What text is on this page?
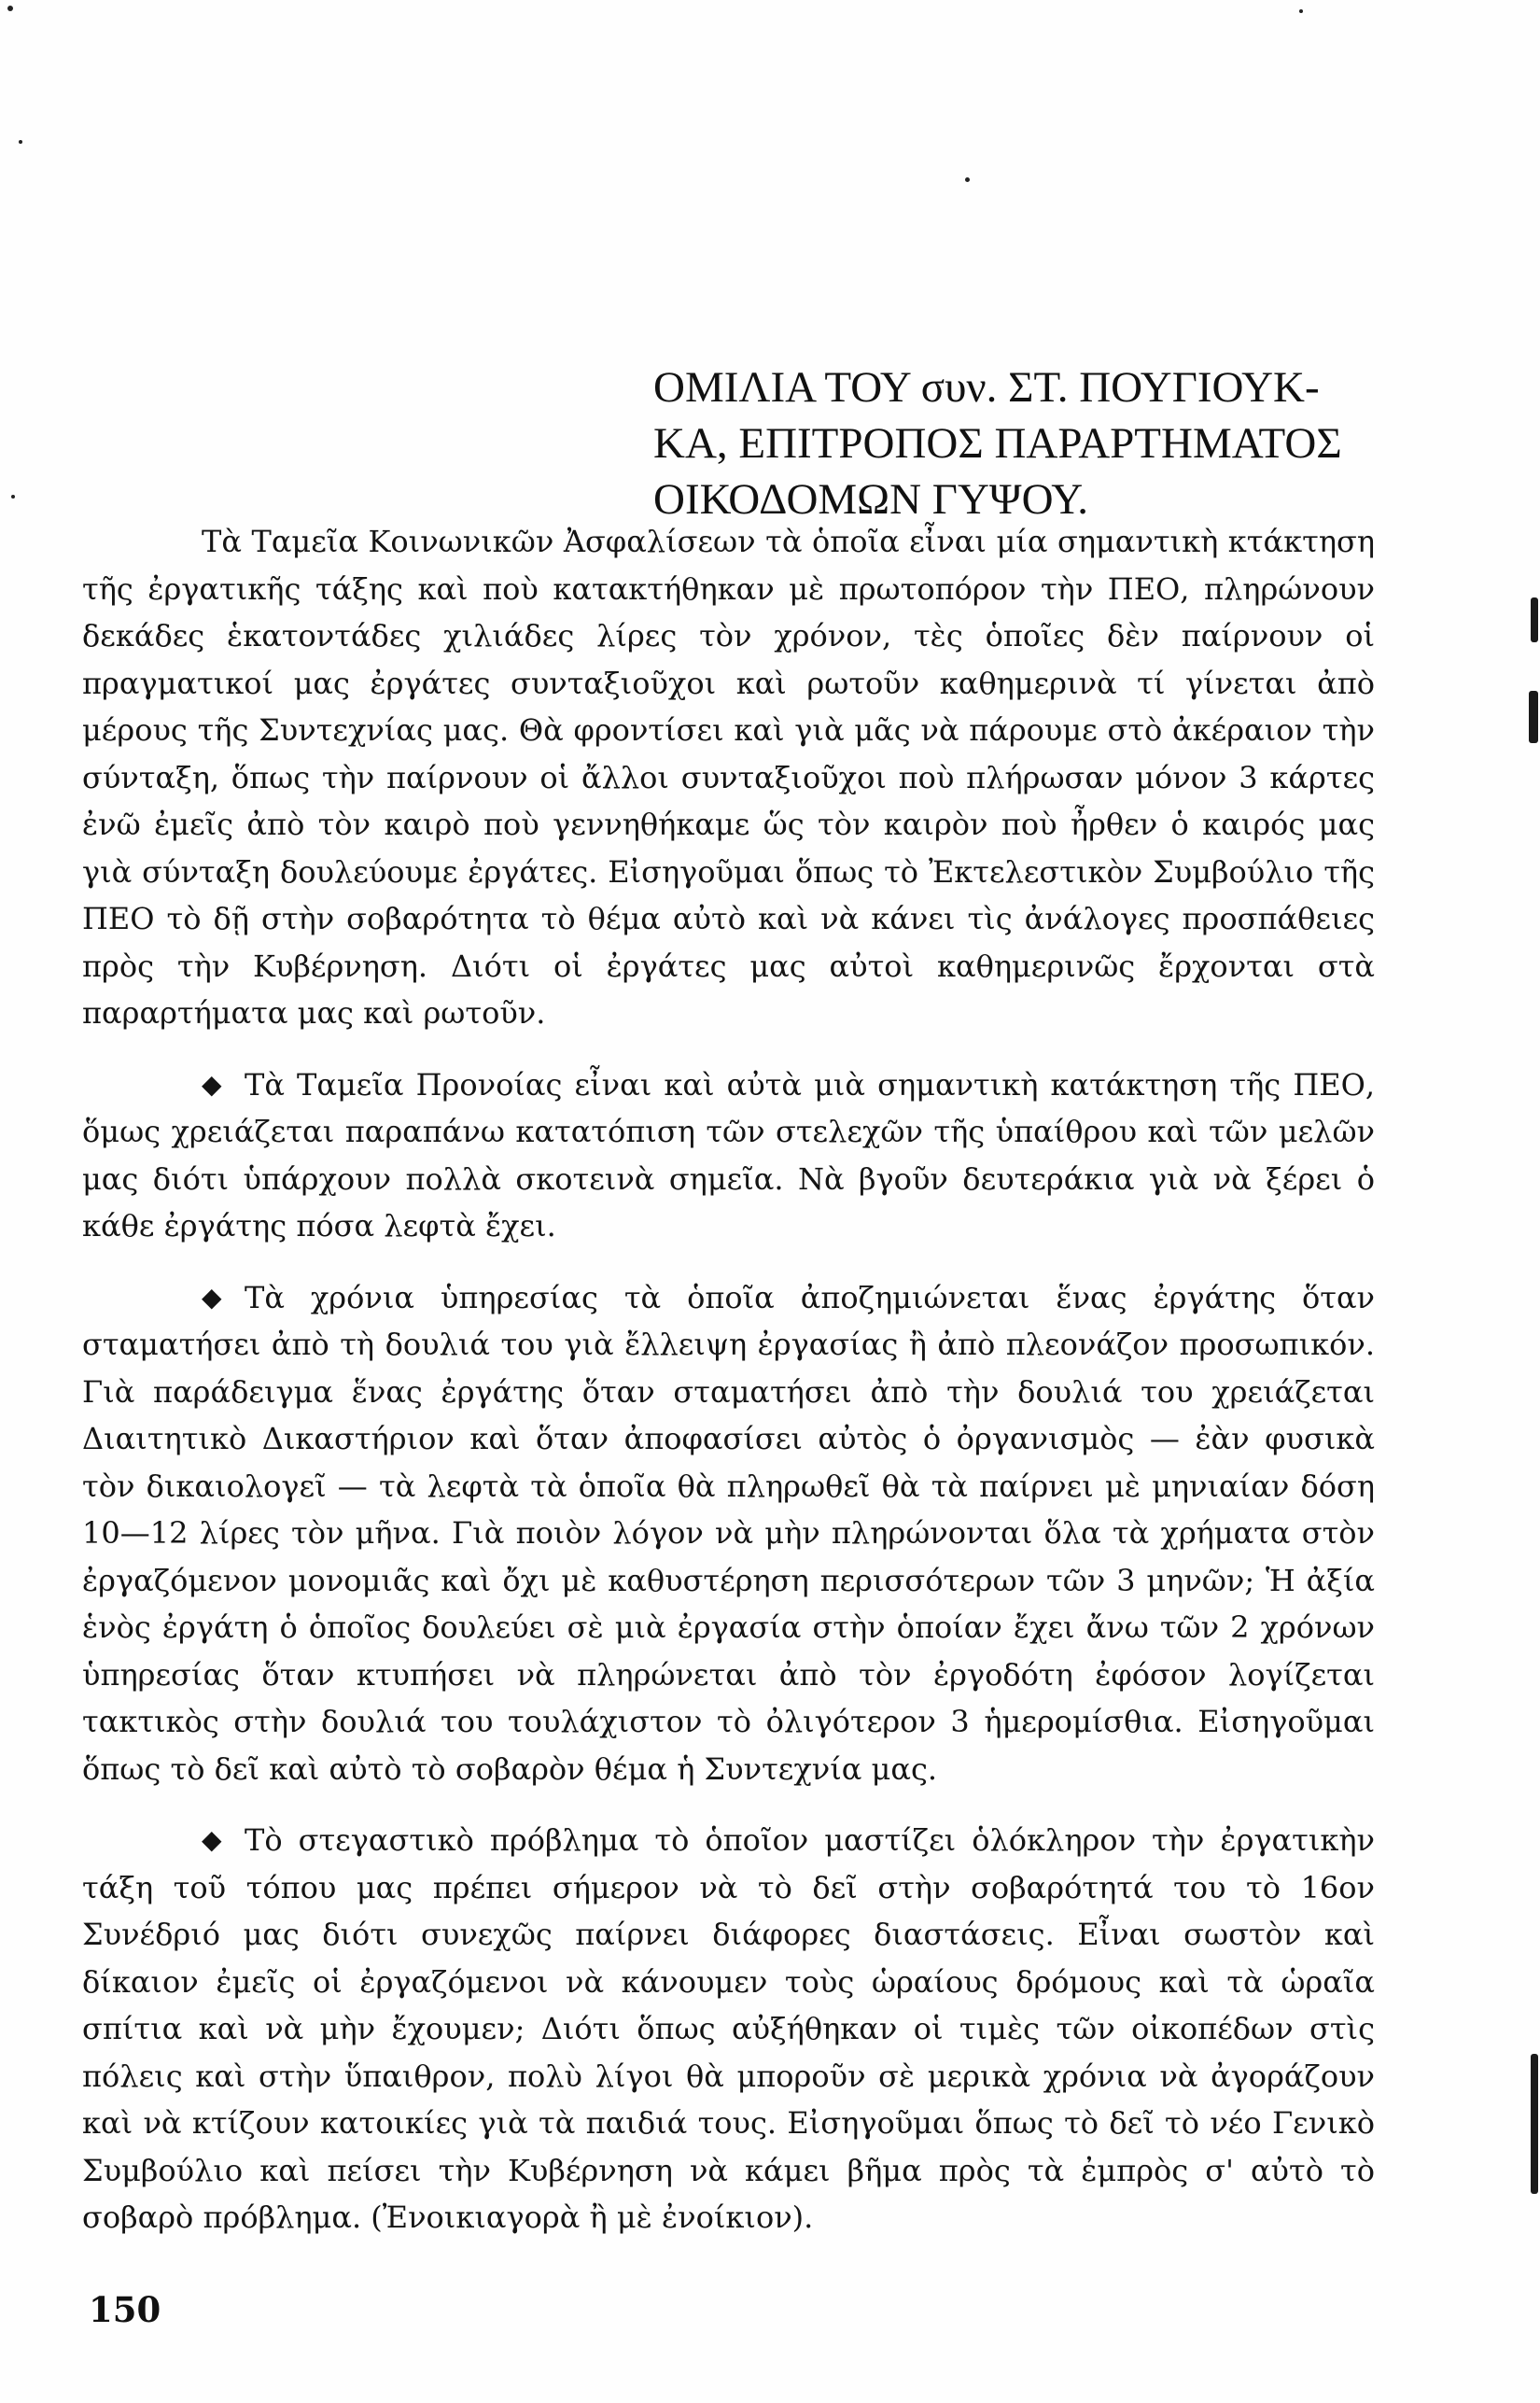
ΟΜΙΛΙΑ ΤΟΥ συν. ΣΤ. ΠΟΥΓΙΟΥΚ-
ΚΑ, ΕΠΙΤΡΟΠΟΣ ΠΑΡΑΡΤΗΜΑΤΟΣ
ΟΙΚΟΔΟΜΩΝ ΓΥΨΟΥ.

Τὰ Ταμεῖα Κοινωνικῶν Ἀσφαλίσεων τὰ ὁποῖα εἶναι μία σημαντικὴ κτάκτηση τῆς ἐργατικῆς τάξης καὶ ποὺ κατακτήθηκαν μὲ πρωτοπόρον τὴν ΠΕΟ, πληρώνουν δεκάδες ἑκατοντάδες χιλιάδες λίρες τὸν χρόνον, τὲς ὁποῖες δὲν παίρνουν οἱ πραγματικοί μας ἐργάτες συνταξιοῦχοι καὶ ρωτοῦν καθημερινὰ τί γίνεται ἀπὸ μέρους τῆς Συντεχνίας μας. Θὰ φροντίσει καὶ γιὰ μᾶς νὰ πάρουμε στὸ ἀκέραιον τὴν σύνταξη, ὅπως τὴν παίρνουν οἱ ἄλλοι συνταξιοῦχοι ποὺ πλήρωσαν μόνον 3 κάρτες ἐνῶ ἐμεῖς ἀπὸ τὸν καιρὸ ποὺ γεννηθήκαμε ὥς τὸν καιρὸν ποὺ ἦρθεν ὁ καιρός μας γιὰ σύνταξη δουλεύουμε ἐργάτες. Εἰσηγοῦμαι ὅπως τὸ Ἐκτελεστικὸν Συμβούλιο τῆς ΠΕΟ τὸ δῇ στὴν σοβαρότητα τὸ θέμα αὐτὸ καὶ νὰ κάνει τὶς ἀνάλογες προσπάθειες πρὸς τὴν Κυβέρνηση. Διότι οἱ ἐργάτες μας αὐτοὶ καθημερινῶς ἔρχονται στὰ παραρτήματα μας καὶ ρωτοῦν.

◆ Τὰ Ταμεῖα Προνοίας εἶναι καὶ αὐτὰ μιὰ σημαντικὴ κατάκτηση τῆς ΠΕΟ, ὅμως χρειάζεται παραπάνω κατατόπιση τῶν στελεχῶν τῆς ὑπαίθρου καὶ τῶν μελῶν μας διότι ὑπάρχουν πολλὰ σκοτεινὰ σημεῖα. Νὰ βγοῦν δευτεράκια γιὰ νὰ ξέρει ὁ κάθε ἐργάτης πόσα λεφτὰ ἔχει.

◆ Τὰ χρόνια ὑπηρεσίας τὰ ὁποῖα ἀποζημιώνεται ἕνας ἐργάτης ὅταν σταματήσει ἀπὸ τὴ δουλιά του γιὰ ἔλλειψη ἐργασίας ἢ ἀπὸ πλεονάζον προσωπικόν. Γιὰ παράδειγμα ἕνας ἐργάτης ὅταν σταματήσει ἀπὸ τὴν δουλιά του χρειάζεται Διαιτητικὸ Δικαστήριον καὶ ὅταν ἀποφασίσει αὐτὸς ὁ ὀργανισμὸς — ἐὰν φυσικὰ τὸν δικαιολογεῖ — τὰ λεφτὰ τὰ ὁποῖα θὰ πληρωθεῖ θὰ τὰ παίρνει μὲ μηνιαίαν δόση 10—12 λίρες τὸν μῆνα. Γιὰ ποιὸν λόγον νὰ μὴν πληρώνονται ὅλα τὰ χρήματα στὸν ἐργαζόμενον μονομιᾶς καὶ ὄχι μὲ καθυστέρηση περισσότερων τῶν 3 μηνῶν; Ἡ ἀξία ἑνὸς ἐργάτη ὁ ὁποῖος δουλεύει σὲ μιὰ ἐργασία στὴν ὁποίαν ἔχει ἄνω τῶν 2 χρόνων ὑπηρεσίας ὅταν κτυπήσει νὰ πληρώνεται ἀπὸ τὸν ἐργοδότη ἐφόσον λογίζεται τακτικὸς στὴν δουλιά του τουλάχιστον τὸ ὀλιγότερον 3 ἡμερομίσθια. Εἰσηγοῦμαι ὅπως τὸ δεῖ καὶ αὐτὸ τὸ σοβαρὸν θέμα ἡ Συντεχνία μας.

◆ Τὸ στεγαστικὸ πρόβλημα τὸ ὁποῖον μαστίζει ὁλόκληρον τὴν ἐργατικὴν τάξη τοῦ τόπου μας πρέπει σήμερον νὰ τὸ δεῖ στὴν σοβαρότητά του τὸ 16ον Συνέδριό μας διότι συνεχῶς παίρνει διάφορες διαστάσεις. Εἶναι σωστὸν καὶ δίκαιον ἐμεῖς οἱ ἐργαζόμενοι νὰ κάνουμεν τοὺς ὡραίους δρόμους καὶ τὰ ὡραῖα σπίτια καὶ νὰ μὴν ἔχουμεν; Διότι ὅπως αὐξήθηκαν οἱ τιμὲς τῶν οἰκοπέδων στὶς πόλεις καὶ στὴν ὕπαιθρον, πολὺ λίγοι θὰ μποροῦν σὲ μερικὰ χρόνια νὰ ἀγοράζουν καὶ νὰ κτίζουν κατοικίες γιὰ τὰ παιδιά τους. Εἰσηγοῦμαι ὅπως τὸ δεῖ τὸ νέο Γενικὸ Συμβούλιο καὶ πείσει τὴν Κυβέρνηση νὰ κάμει βῆμα πρὸς τὰ ἐμπρὸς σ' αὐτὸ τὸ σοβαρὸ πρόβλημα. (Ἐνοικιαγορὰ ἢ μὲ ἐνοίκιον).

150
